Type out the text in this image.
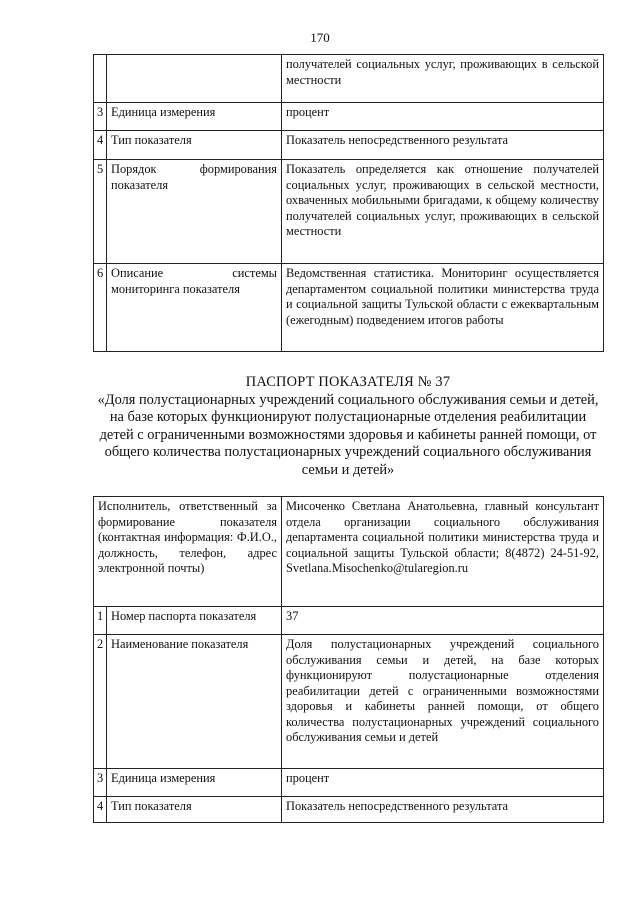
170
		получателей социальных услуг, проживающих в сельской местности
3	Единица измерения	процент
4	Тип показателя	Показатель непосредственного результата
5	Порядок формирования показателя	Показатель определяется как отношение получателей социальных услуг, проживающих в сельской местности, охваченных мобильными бригадами, к общему количеству получателей социальных услуг, проживающих в сельской местности
6	Описание системы мониторинга показателя	Ведомственная статистика. Мониторинг осуществляется департаментом социальной политики министерства труда и социальной защиты Тульской области с ежеквартальным (ежегодным) подведением итогов работы
ПАСПОРТ ПОКАЗАТЕЛЯ № 37
«Доля полустационарных учреждений социального обслуживания семьи и детей, на базе которых функционируют полустационарные отделения реабилитации детей с ограниченными возможностями здоровья и кабинеты ранней помощи, от общего количества полустационарных учреждений социального обслуживания семьи и детей»
Исполнитель, ответственный за формирование показателя (контактная информация: Ф.И.О., должность, телефон, адрес электронной почты)		Мисоченко Светлана Анатольевна, главный консультант отдела организации социального обслуживания департамента социальной политики министерства труда и социальной защиты Тульской области; 8(4872) 24-51-92, Svetlana.Misochenko@tularegion.ru
1	Номер паспорта показателя	37
2	Наименование показателя	Доля полустационарных учреждений социального обслуживания семьи и детей, на базе которых функционируют полустационарные отделения реабилитации детей с ограниченными возможностями здоровья и кабинеты ранней помощи, от общего количества полустационарных учреждений социального обслуживания семьи и детей
3	Единица измерения	процент
4	Тип показателя	Показатель непосредственного результата
